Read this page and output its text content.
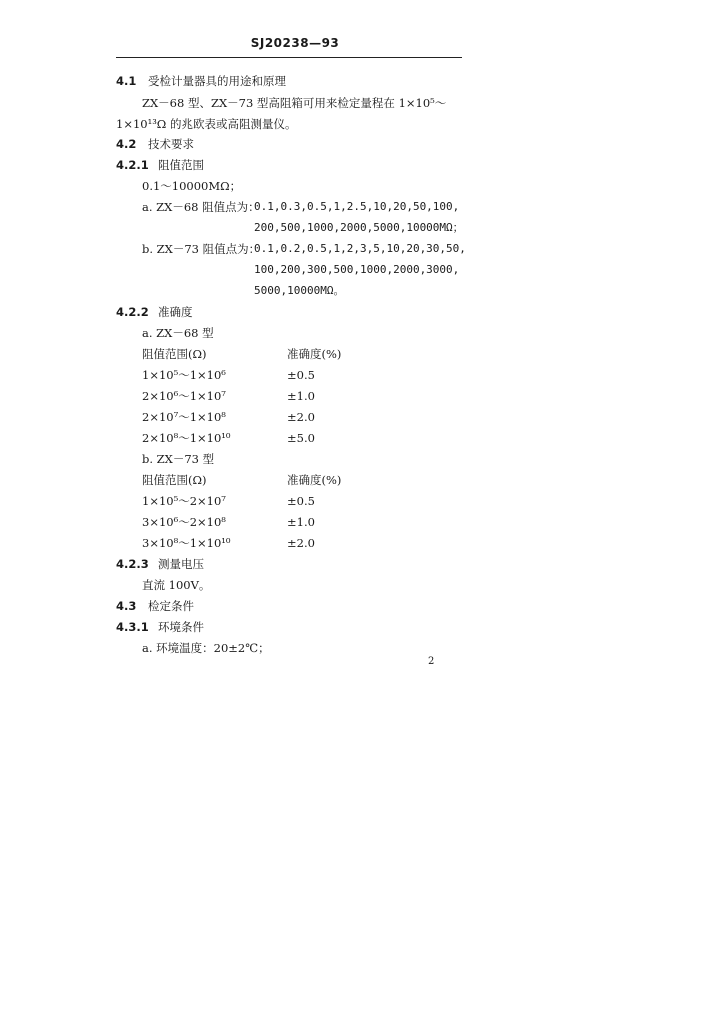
SJ20238—93
4.1 受检计量器具的用途和原理
ZX－68 型、ZX－73 型高阻箱可用来检定量程在 1×10⁵～
1×10¹³Ω 的兆欧表或高阻测量仪。
4.2 技术要求
4.2.1 阻值范围
0.1～10000MΩ；
a. ZX－68 阻值点为：
0.1,0.3,0.5,1,2.5,10,20,50,100,
200,500,1000,2000,5000,10000MΩ；
b. ZX－73 阻值点为：
0.1,0.2,0.5,1,2,3,5,10,20,30,50,
100,200,300,500,1000,2000,3000,
5000,10000MΩ。
4.2.2 准确度
a. ZX－68 型
阻值范围(Ω)	准确度(%)
1×10⁵～1×10⁶	±0.5
2×10⁶～1×10⁷	±1.0
2×10⁷～1×10⁸	±2.0
2×10⁸～1×10¹⁰	±5.0
b. ZX－73 型
阻值范围(Ω)	准确度(%)
1×10⁵～2×10⁷	±0.5
3×10⁶～2×10⁸	±1.0
3×10⁸～1×10¹⁰	±2.0
4.2.3 测量电压
直流 100V。
4.3 检定条件
4.3.1 环境条件
a. 环境温度：20±2℃；
2
